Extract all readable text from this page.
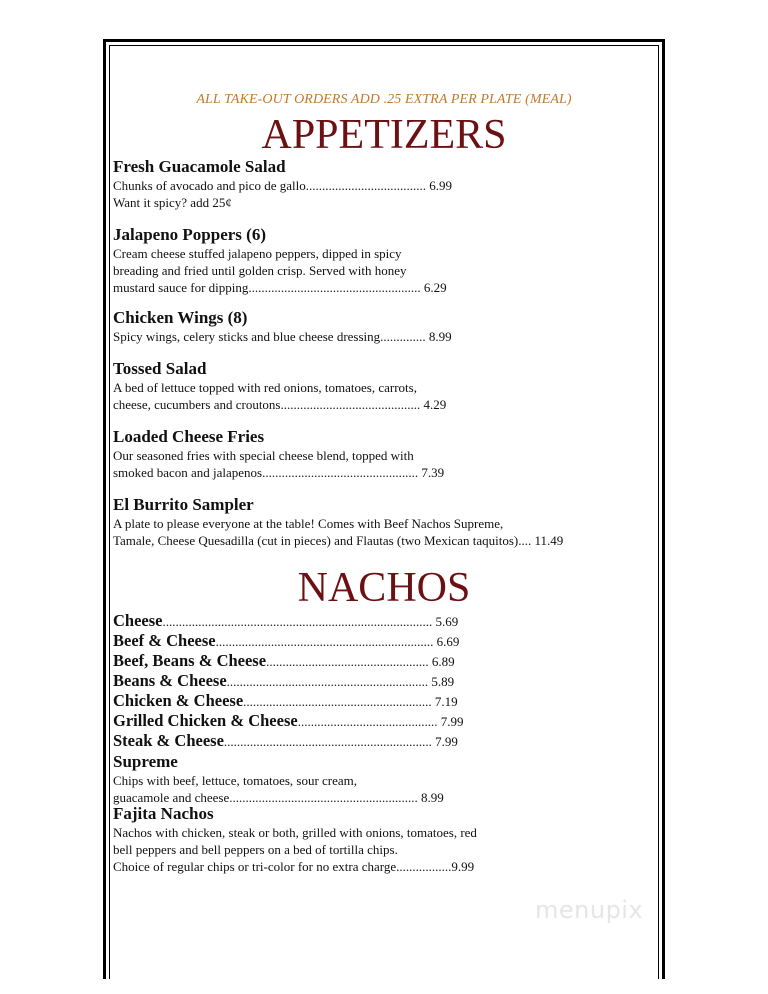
ALL TAKE-OUT ORDERS ADD .25 EXTRA PER PLATE (MEAL)
APPETIZERS
Fresh Guacamole Salad
Chunks of avocado and pico de gallo..................................... 6.99
Want it spicy? add 25¢
Jalapeno Poppers (6)
Cream cheese stuffed jalapeno peppers, dipped in spicy
breading and fried until golden crisp. Served with honey
mustard sauce for dipping..................................................... 6.29
Chicken Wings (8)
Spicy wings, celery sticks and blue cheese dressing.............. 8.99
Tossed Salad
A bed of lettuce topped with red onions, tomatoes, carrots,
cheese, cucumbers and croutons........................................... 4.29
Loaded Cheese Fries
Our seasoned fries with special cheese blend, topped with
smoked bacon and jalapenos................................................ 7.39
El Burrito Sampler
A plate to please everyone at the table! Comes with Beef Nachos Supreme,
Tamale, Cheese Quesadilla (cut in pieces) and Flautas (two Mexican taquitos).... 11.49
NACHOS
Cheese................................................................................... 5.69
Beef & Cheese................................................................... 6.69
Beef, Beans & Cheese.................................................. 6.89
Beans & Cheese.............................................................. 5.89
Chicken & Cheese.......................................................... 7.19
Grilled Chicken & Cheese........................................... 7.99
Steak & Cheese................................................................ 7.99
Supreme
Chips with beef, lettuce, tomatoes, sour cream,
guacamole and cheese.......................................................... 8.99
Fajita Nachos
Nachos with chicken, steak or both, grilled with onions, tomatoes, red
bell peppers and bell peppers on a bed of tortilla chips.
Choice of regular chips or tri-color for no extra charge.................9.99
menupix
